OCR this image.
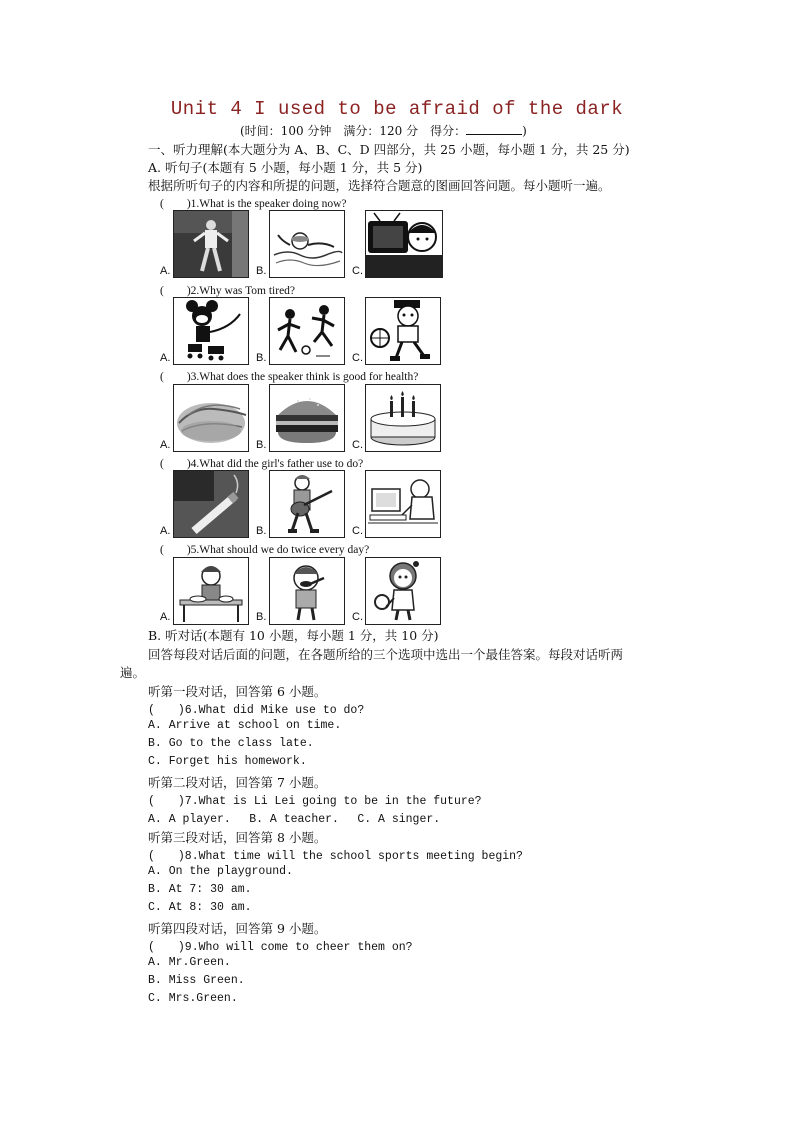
Unit 4 I used to be afraid of the dark
(时间：100 分钟　满分：120 分　得分：	)
一、听力理解(本大题分为 A、B、C、D 四部分，共 25 小题，每小题 1 分，共 25 分)
A. 听句子(本题有 5 小题，每小题 1 分，共 5 分)
根据所听句子的内容和所提的问题，选择符合题意的图画回答问题。每小题听一遍。
(　　)1.What is the speaker doing now?
A.	B.	C.
(　　)2.Why was Tom tired?
A.	B.	C.
(　　)3.What does the speaker think is good for health?
A.	B.	C.
(　　)4.What did the girl's father use to do?
A.	B.	C.
(　　)5.What should we do twice every day?
A.	B.	C.
B. 听对话(本题有 10 小题，每小题 1 分，共 10 分)
回答每段对话后面的问题，在各题所给的三个选项中选出一个最佳答案。每段对话听两
遍。
听第一段对话，回答第 6 小题。
(　　)6.What did Mike use to do?
A. Arrive at school on time.
B. Go to the class late.
C. Forget his homework.
听第二段对话，回答第 7 小题。
(　　)7.What is Li Lei going to be in the future?
A. A player.　 B. A teacher.　 C. A singer.
听第三段对话，回答第 8 小题。
(　　)8.What time will the school sports meeting begin?
A. On the playground.
B. At 7: 30 am.
C. At 8: 30 am.
听第四段对话，回答第 9 小题。
(　　)9.Who will come to cheer them on?
A. Mr.Green.
B. Miss Green.
C. Mrs.Green.
